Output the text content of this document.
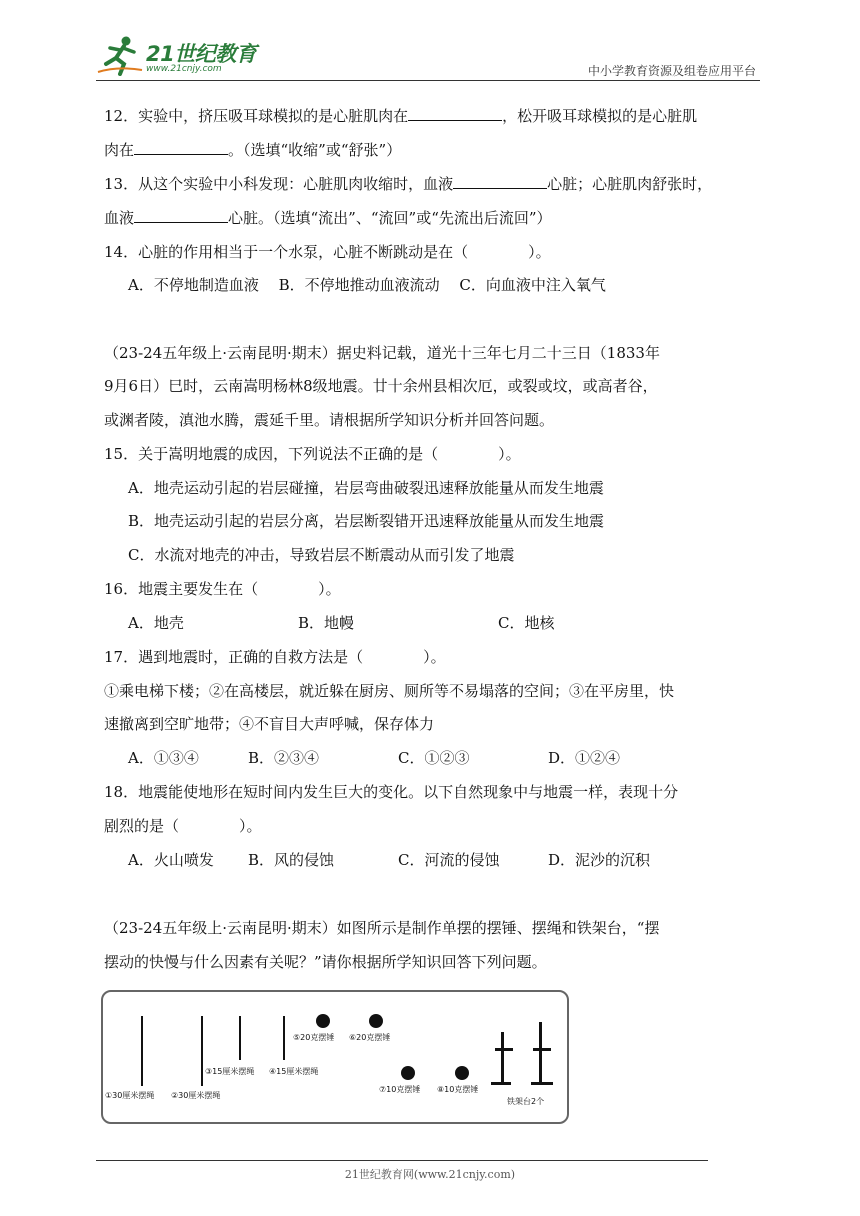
21世纪教育
www.21cnjy.com	中小学教育资源及组卷应用平台
12．实验中，挤压吸耳球模拟的是心脏肌肉在	，松开吸耳球模拟的是心脏肌
肉在	。（选填“收缩”或“舒张”）
13．从这个实验中小科发现：心脏肌肉收缩时，血液	心脏；心脏肌肉舒张时，
血液	心脏。（选填“流出”、“流回”或“先流出后流回”）
14．心脏的作用相当于一个水泵，心脏不断跳动是在（　　　　）。
A．不停地制造血液　 B．不停地推动血液流动　 C．向血液中注入氧气
（23-24五年级上·云南昆明·期末）据史料记载，道光十三年七月二十三日（1833年
9月6日）巳时，云南嵩明杨林8级地震。廿十余州县相次厄，或裂或坟，或高者谷，
或渊者陵，滇池水腾，震延千里。请根据所学知识分析并回答问题。
15．关于嵩明地震的成因，下列说法不正确的是（　　　　）。
A．地壳运动引起的岩层碰撞，岩层弯曲破裂迅速释放能量从而发生地震
B．地壳运动引起的岩层分离，岩层断裂错开迅速释放能量从而发生地震
C．水流对地壳的冲击，导致岩层不断震动从而引发了地震
16．地震主要发生在（　　　　）。
A．地壳	B．地幔	C．地核
17．遇到地震时，正确的自救方法是（　　　　）。
①乘电梯下楼；②在高楼层，就近躲在厨房、厕所等不易塌落的空间；③在平房里，快
速撤离到空旷地带；④不盲目大声呼喊，保存体力
A．①③④	B．②③④	C．①②③	D．①②④
18．地震能使地形在短时间内发生巨大的变化。以下自然现象中与地震一样，表现十分
剧烈的是（　　　　）。
A．火山喷发 B．风的侵蚀	C．河流的侵蚀	D．泥沙的沉积
（23-24五年级上·云南昆明·期末）如图所示是制作单摆的摆锤、摆绳和铁架台，“摆
摆动的快慢与什么因素有关呢？”请你根据所学知识回答下列问题。
①30厘米摆绳 ②30厘米摆绳
③15厘米摆绳 ④15厘米摆绳
⑤20克摆锤 ⑥20克摆锤
⑦10克摆锤 ⑧10克摆锤
铁架台2个
21世纪教育网(www.21cnjy.com)
